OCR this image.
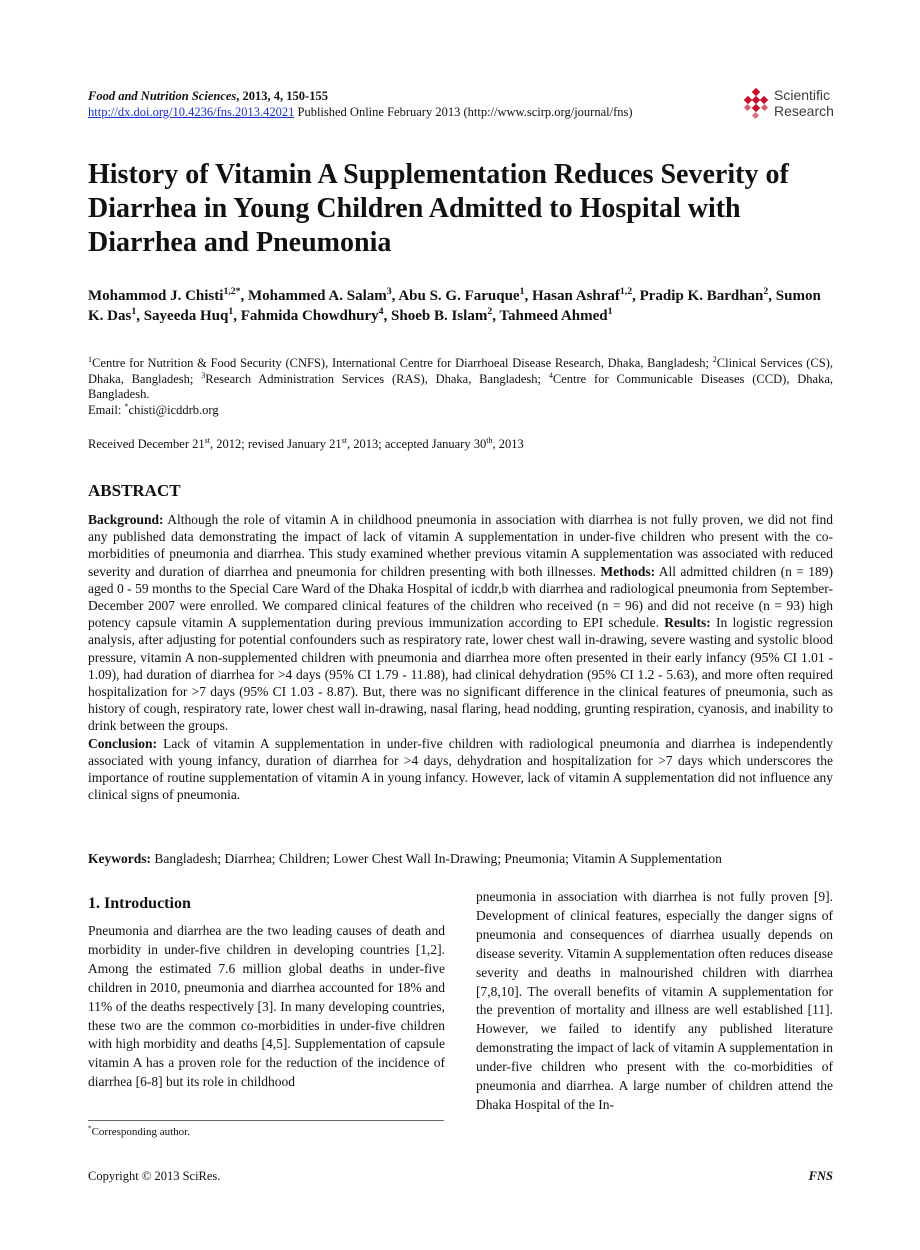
Food and Nutrition Sciences, 2013, 4, 150-155
http://dx.doi.org/10.4236/fns.2013.42021 Published Online February 2013 (http://www.scirp.org/journal/fns)
Scientific
Research
History of Vitamin A Supplementation Reduces Severity of Diarrhea in Young Children Admitted to Hospital with Diarrhea and Pneumonia
Mohammod J. Chisti$^{1,2*}$, Mohammed A. Salam$^3$, Abu S. G. Faruque$^1$, Hasan Ashraf$^{1,2}$, Pradip K. Bardhan$^2$, Sumon K. Das$^1$, Sayeeda Huq$^1$, Fahmida Chowdhury$^4$, Shoeb B. Islam$^2$, Tahmeed Ahmed$^1$
$^1$Centre for Nutrition & Food Security (CNFS), International Centre for Diarrhoeal Disease Research, Dhaka, Bangladesh; $^2$Clinical Services (CS), Dhaka, Bangladesh; $^3$Research Administration Services (RAS), Dhaka, Bangladesh; $^4$Centre for Communicable Diseases (CCD), Dhaka, Bangladesh.
Email: *chisti@icddrb.org
Received December 21st, 2012; revised January 21st, 2013; accepted January 30th, 2013
ABSTRACT
Background: Although the role of vitamin A in childhood pneumonia in association with diarrhea is not fully proven, we did not find any published data demonstrating the impact of lack of vitamin A supplementation in under-five children who present with the co-morbidities of pneumonia and diarrhea. This study examined whether previous vitamin A supplementation was associated with reduced severity and duration of diarrhea and pneumonia for children presenting with both illnesses. Methods: All admitted children (n = 189) aged 0 - 59 months to the Special Care Ward of the Dhaka Hospital of icddr,b with diarrhea and radiological pneumonia from September-December 2007 were enrolled. We compared clinical features of the children who received (n = 96) and did not receive (n = 93) high potency capsule vitamin A supplementation during previous immunization according to EPI schedule. Results: In logistic regression analysis, after adjusting for potential confounders such as respiratory rate, lower chest wall in-drawing, severe wasting and systolic blood pressure, vitamin A non-supplemented children with pneumonia and diarrhea more often presented in their early infancy (95% CI 1.01 - 1.09), had duration of diarrhea for >4 days (95% CI 1.79 - 11.88), had clinical dehydration (95% CI 1.2 - 5.63), and more often required hospitalization for >7 days (95% CI 1.03 - 8.87). But, there was no significant difference in the clinical features of pneumonia, such as history of cough, respiratory rate, lower chest wall in-drawing, nasal flaring, head nodding, grunting respiration, cyanosis, and inability to drink between the groups.
Conclusion: Lack of vitamin A supplementation in under-five children with radiological pneumonia and diarrhea is independently associated with young infancy, duration of diarrhea for >4 days, dehydration and hospitalization for >7 days which underscores the importance of routine supplementation of vitamin A in young infancy. However, lack of vitamin A supplementation did not influence any clinical signs of pneumonia.
Keywords: Bangladesh; Diarrhea; Children; Lower Chest Wall In-Drawing; Pneumonia; Vitamin A Supplementation
1. Introduction

Pneumonia and diarrhea are the two leading causes of death and morbidity in under-five children in developing countries [1,2]. Among the estimated 7.6 million global deaths in under-five children in 2010, pneumonia and diarrhea accounted for 18% and 11% of the deaths respectively [3]. In many developing countries, these two are the common co-morbidities in under-five children with high morbidity and deaths [4,5]. Supplementation of capsule vitamin A has a proven role for the reduction of the incidence of diarrhea [6-8] but its role in childhood

pneumonia in association with diarrhea is not fully proven [9]. Development of clinical features, especially the danger signs of pneumonia and consequences of diarrhea usually depends on disease severity. Vitamin A supplementation often reduces disease severity and deaths in malnourished children with diarrhea [7,8,10]. The overall benefits of vitamin A supplementation for the prevention of mortality and illness are well established [11]. However, we failed to identify any published literature demonstrating the impact of lack of vitamin A supplementation in under-five children who present with the co-morbidities of pneumonia and diarrhea. A large number of children attend the Dhaka Hospital of the In-

*Corresponding author.
Copyright © 2013 SciRes.	FNS
